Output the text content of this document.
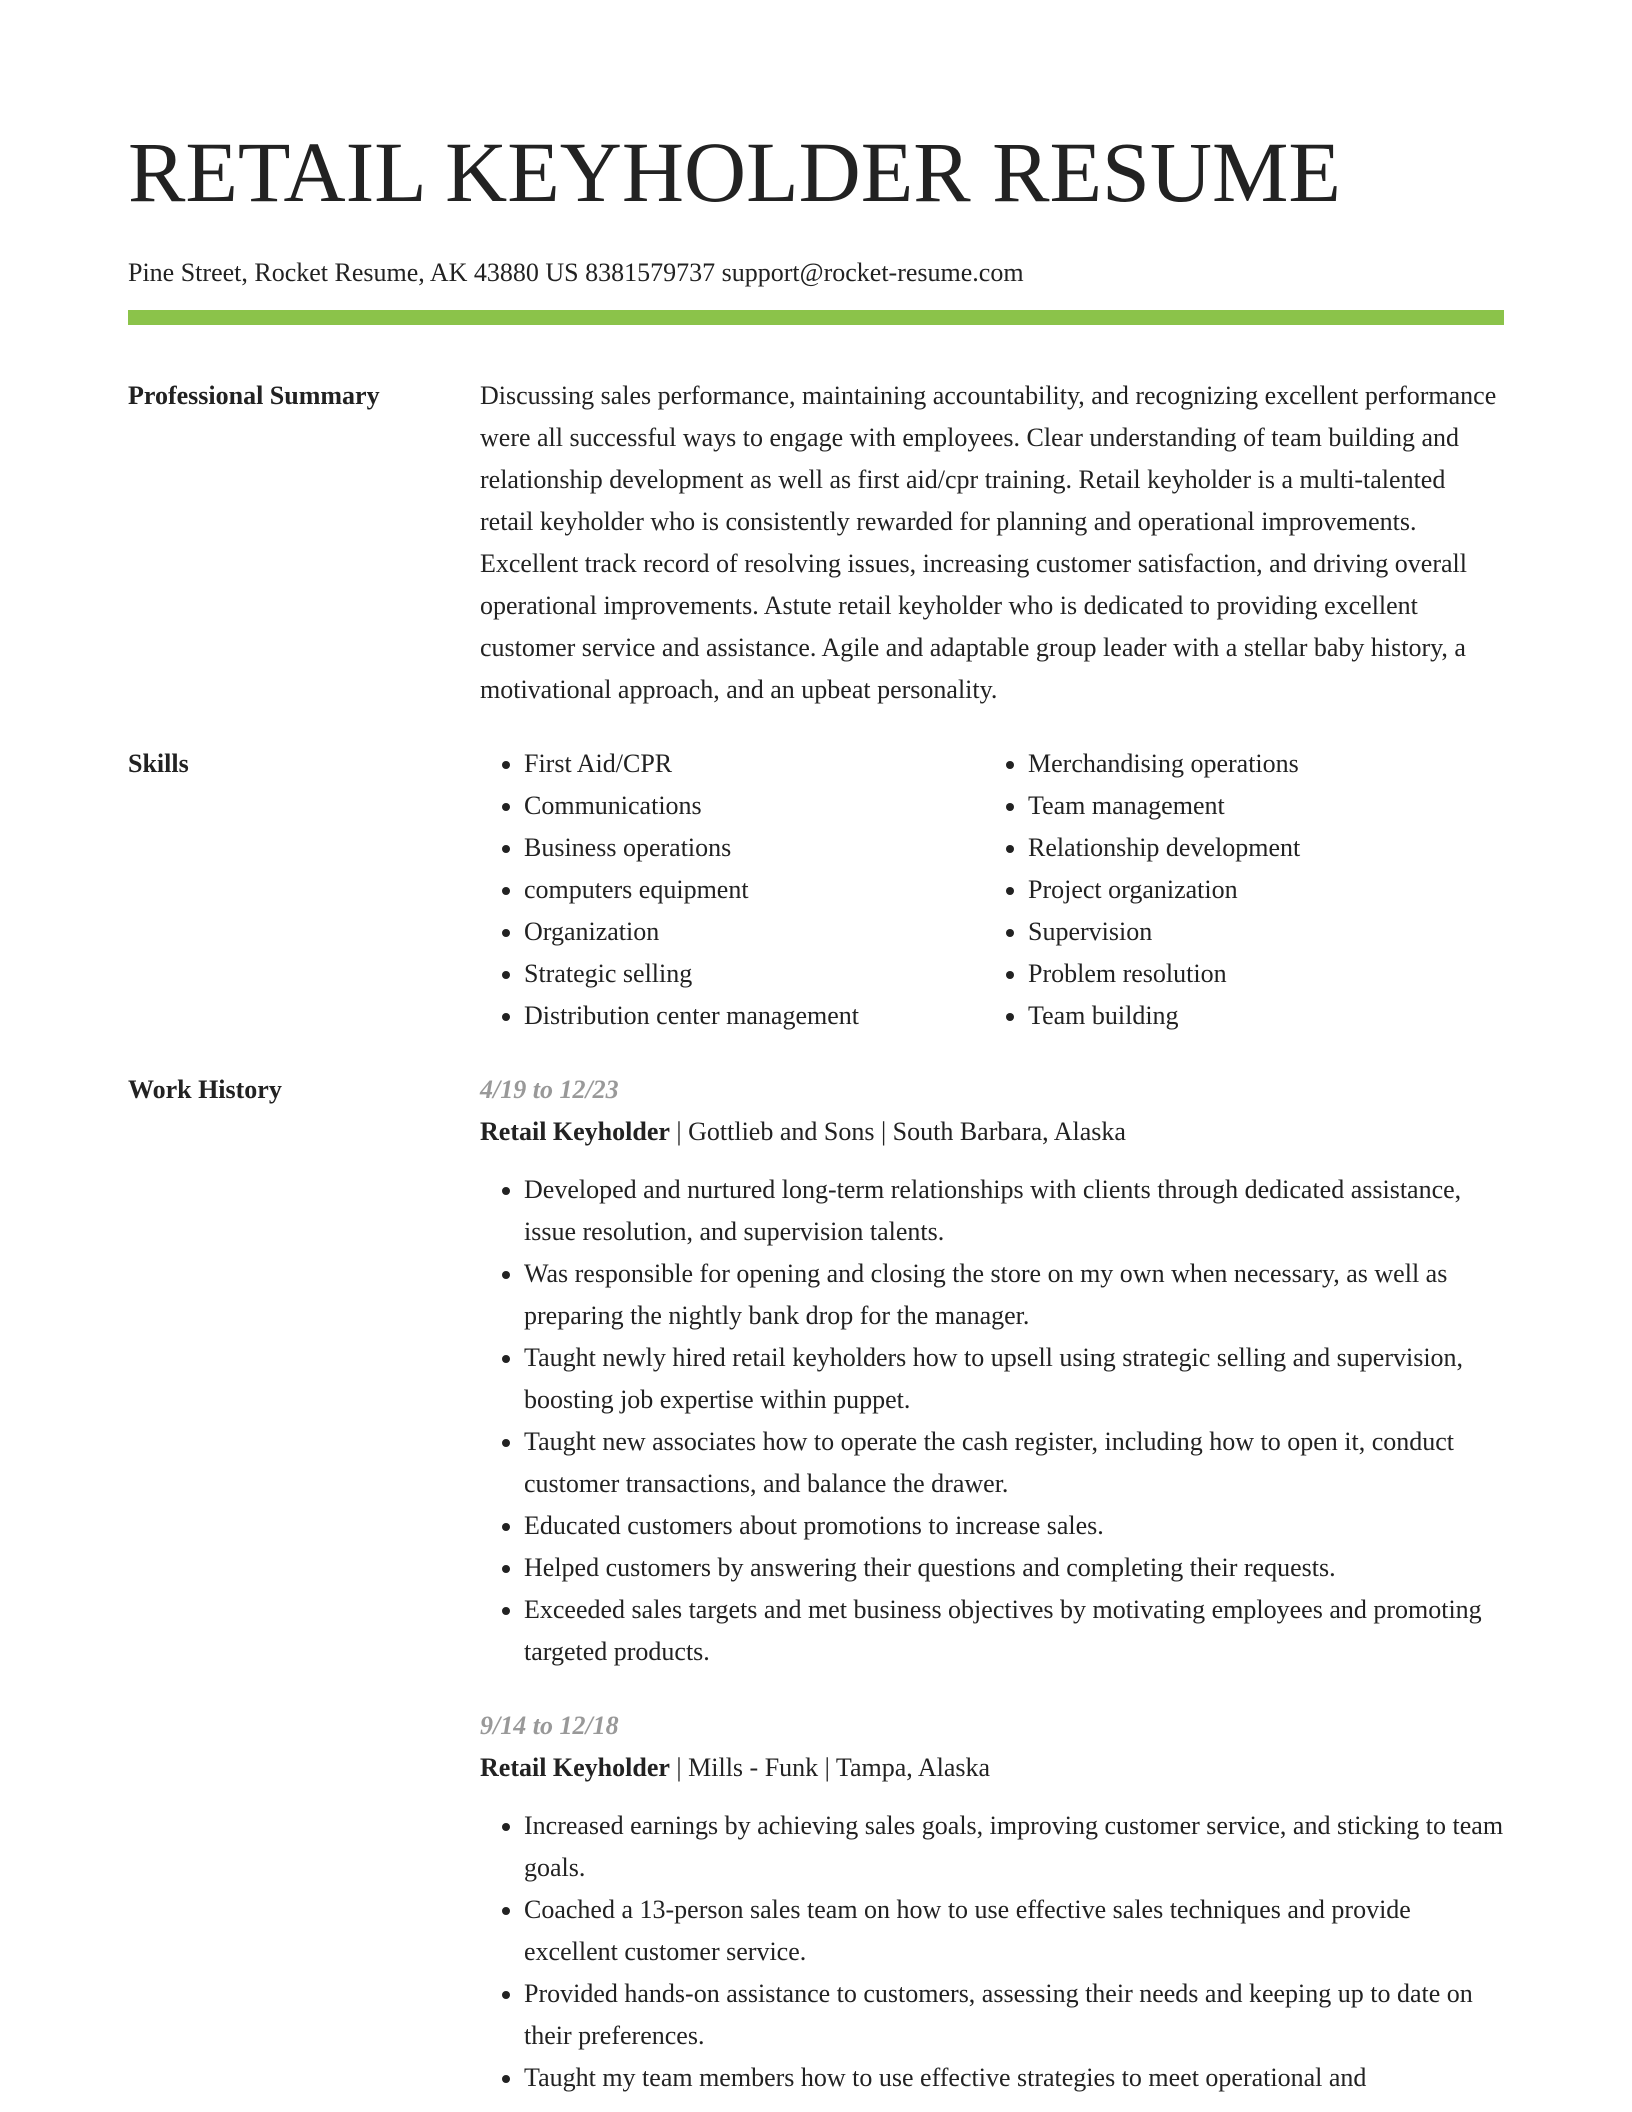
RETAIL KEYHOLDER RESUME
Pine Street, Rocket Resume, AK 43880 US 8381579737 support@rocket-resume.com
Professional Summary	Discussing sales performance, maintaining accountability, and recognizing excellent performance were all successful ways to engage with employees. Clear understanding of team building and relationship development as well as first aid/cpr training. Retail keyholder is a multi-talented retail keyholder who is consistently rewarded for planning and operational improvements. Excellent track record of resolving issues, increasing customer satisfaction, and driving overall operational improvements. Astute retail keyholder who is dedicated to providing excellent customer service and assistance. Agile and adaptable group leader with a stellar baby history, a motivational approach, and an upbeat personality.
Skills
•	First Aid/CPR
• Communications
• Business operations
• computers equipment
• Organization
• Strategic selling
• Distribution center management
• Merchandising operations
• Team management
• Relationship development
• Project organization
• Supervision
• Problem resolution
• Team building
Work History	4/19 to 12/23
Retail Keyholder | Gottlieb and Sons | South Barbara, Alaska
• Developed and nurtured long-term relationships with clients through dedicated assistance, issue resolution, and supervision talents.
• Was responsible for opening and closing the store on my own when necessary, as well as preparing the nightly bank drop for the manager.
• Taught newly hired retail keyholders how to upsell using strategic selling and supervision, boosting job expertise within puppet.
• Taught new associates how to operate the cash register, including how to open it, conduct customer transactions, and balance the drawer.
• Educated customers about promotions to increase sales.
• Helped customers by answering their questions and completing their requests.
• Exceeded sales targets and met business objectives by motivating employees and promoting targeted products.
9/14 to 12/18
Retail Keyholder | Mills - Funk | Tampa, Alaska
• Increased earnings by achieving sales goals, improving customer service, and sticking to team goals.
• Coached a 13-person sales team on how to use effective sales techniques and provide excellent customer service.
• Provided hands-on assistance to customers, assessing their needs and keeping up to date on their preferences.
• Taught my team members how to use effective strategies to meet operational and
